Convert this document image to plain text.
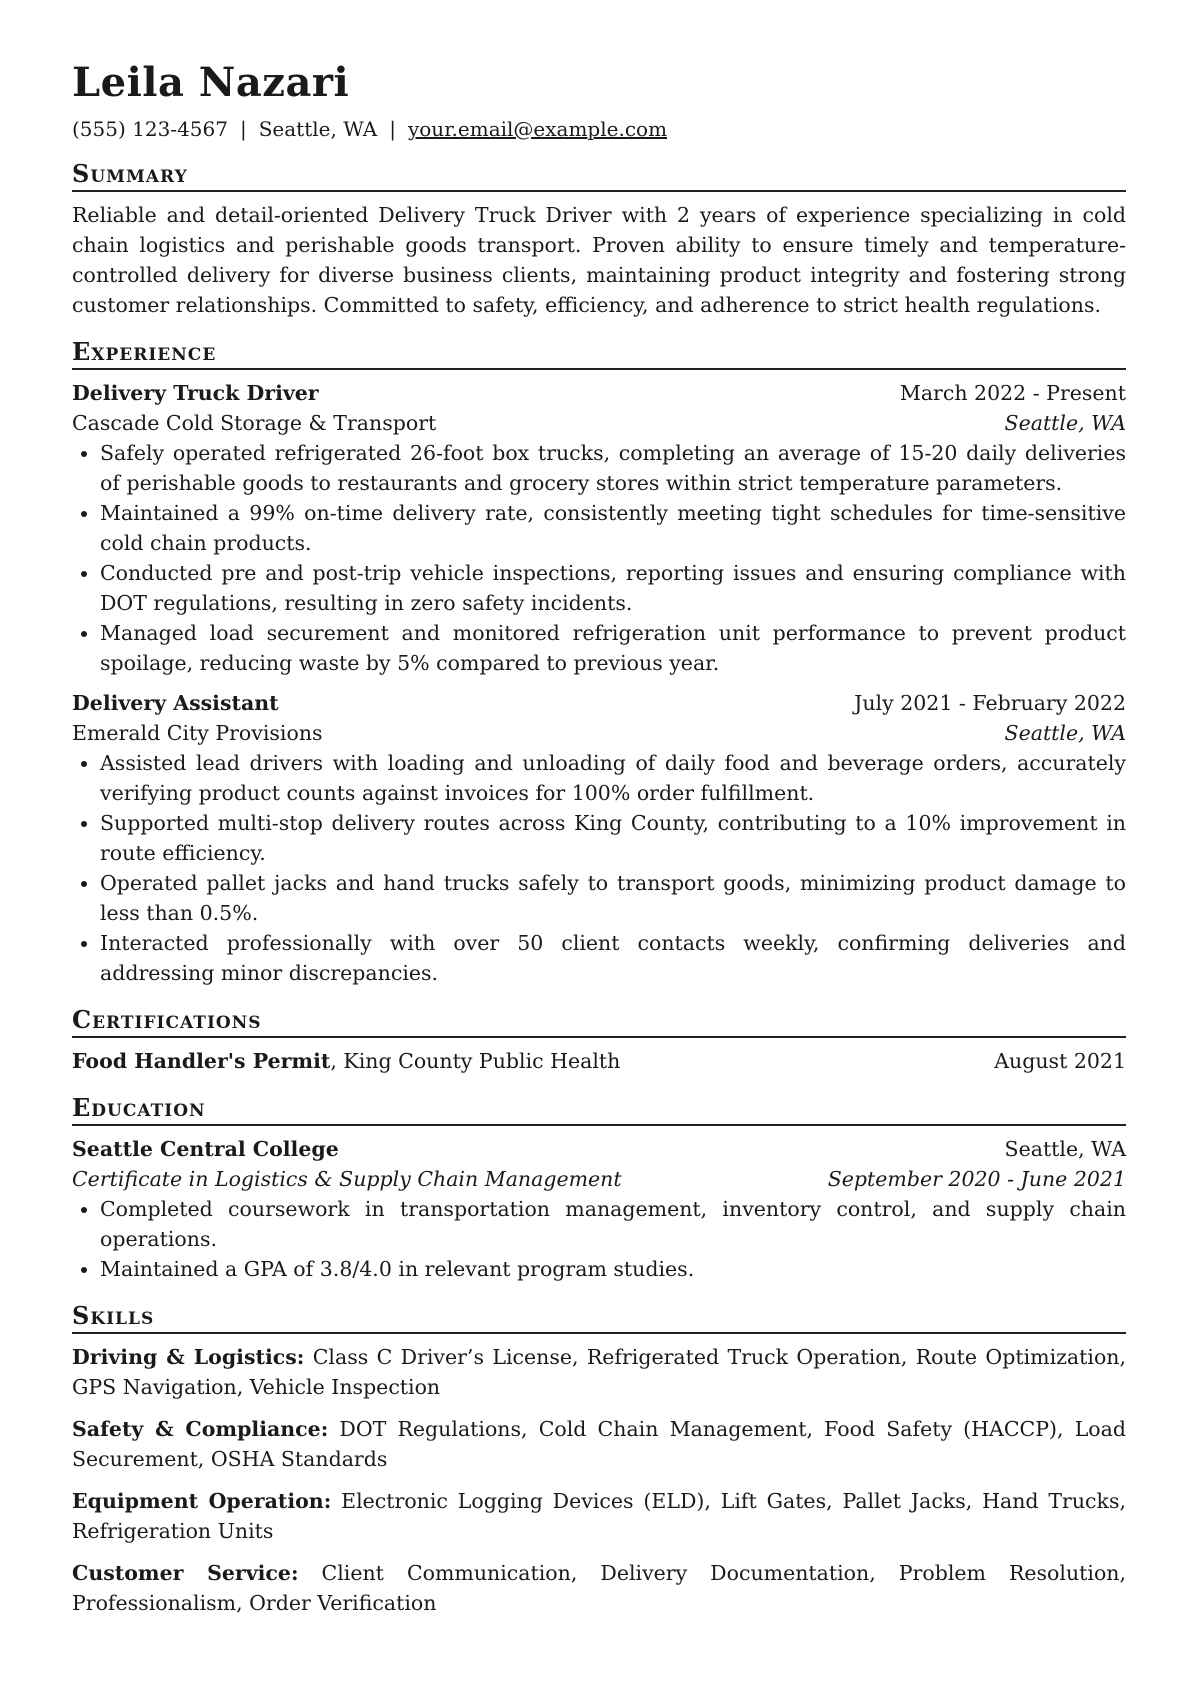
Leila Nazari
(555) 123-4567 | Seattle, WA | your.email@example.com
Summary

Reliable and detail-oriented Delivery Truck Driver with 2 years of experience specializing in cold chain logistics and perishable goods transport. Proven ability to ensure timely and temperature-controlled delivery for diverse business clients, maintaining product integrity and fostering strong customer relationships. Committed to safety, efficiency, and adherence to strict health regulations.

Experience
Delivery Truck Driver	March 2022 - Present
Cascade Cold Storage & Transport	Seattle, WA
• Safely operated refrigerated 26-foot box trucks, completing an average of 15-20 daily deliveries of perishable goods to restaurants and grocery stores within strict temperature parameters.
• Maintained a 99% on-time delivery rate, consistently meeting tight schedules for time-sensitive cold chain products.
• Conducted pre and post-trip vehicle inspections, reporting issues and ensuring compliance with DOT regulations, resulting in zero safety incidents.
• Managed load securement and monitored refrigeration unit performance to prevent product spoilage, reducing waste by 5% compared to previous year.
Delivery Assistant	July 2021 - February 2022
Emerald City Provisions	Seattle, WA
• Assisted lead drivers with loading and unloading of daily food and beverage orders, accurately verifying product counts against invoices for 100% order fulfillment.
• Supported multi-stop delivery routes across King County, contributing to a 10% improvement in route efficiency.
• Operated pallet jacks and hand trucks safely to transport goods, minimizing product damage to less than 0.5%.
• Interacted professionally with over 50 client contacts weekly, confirming deliveries and addressing minor discrepancies.
Certifications
Food Handler's Permit, King County Public Health	August 2021
Education
Seattle Central College	Seattle, WA
Certificate in Logistics & Supply Chain Management	September 2020 - June 2021
• Completed coursework in transportation management, inventory control, and supply chain operations.
• Maintained a GPA of 3.8/4.0 in relevant program studies.
Skills
Driving & Logistics: Class C Driver’s License, Refrigerated Truck Operation, Route Optimization, GPS Navigation, Vehicle Inspection
Safety & Compliance: DOT Regulations, Cold Chain Management, Food Safety (HACCP), Load Securement, OSHA Standards
Equipment Operation: Electronic Logging Devices (ELD), Lift Gates, Pallet Jacks, Hand Trucks, Refrigeration Units
Customer Service: Client Communication, Delivery Documentation, Problem Resolution, Professionalism, Order Verification
